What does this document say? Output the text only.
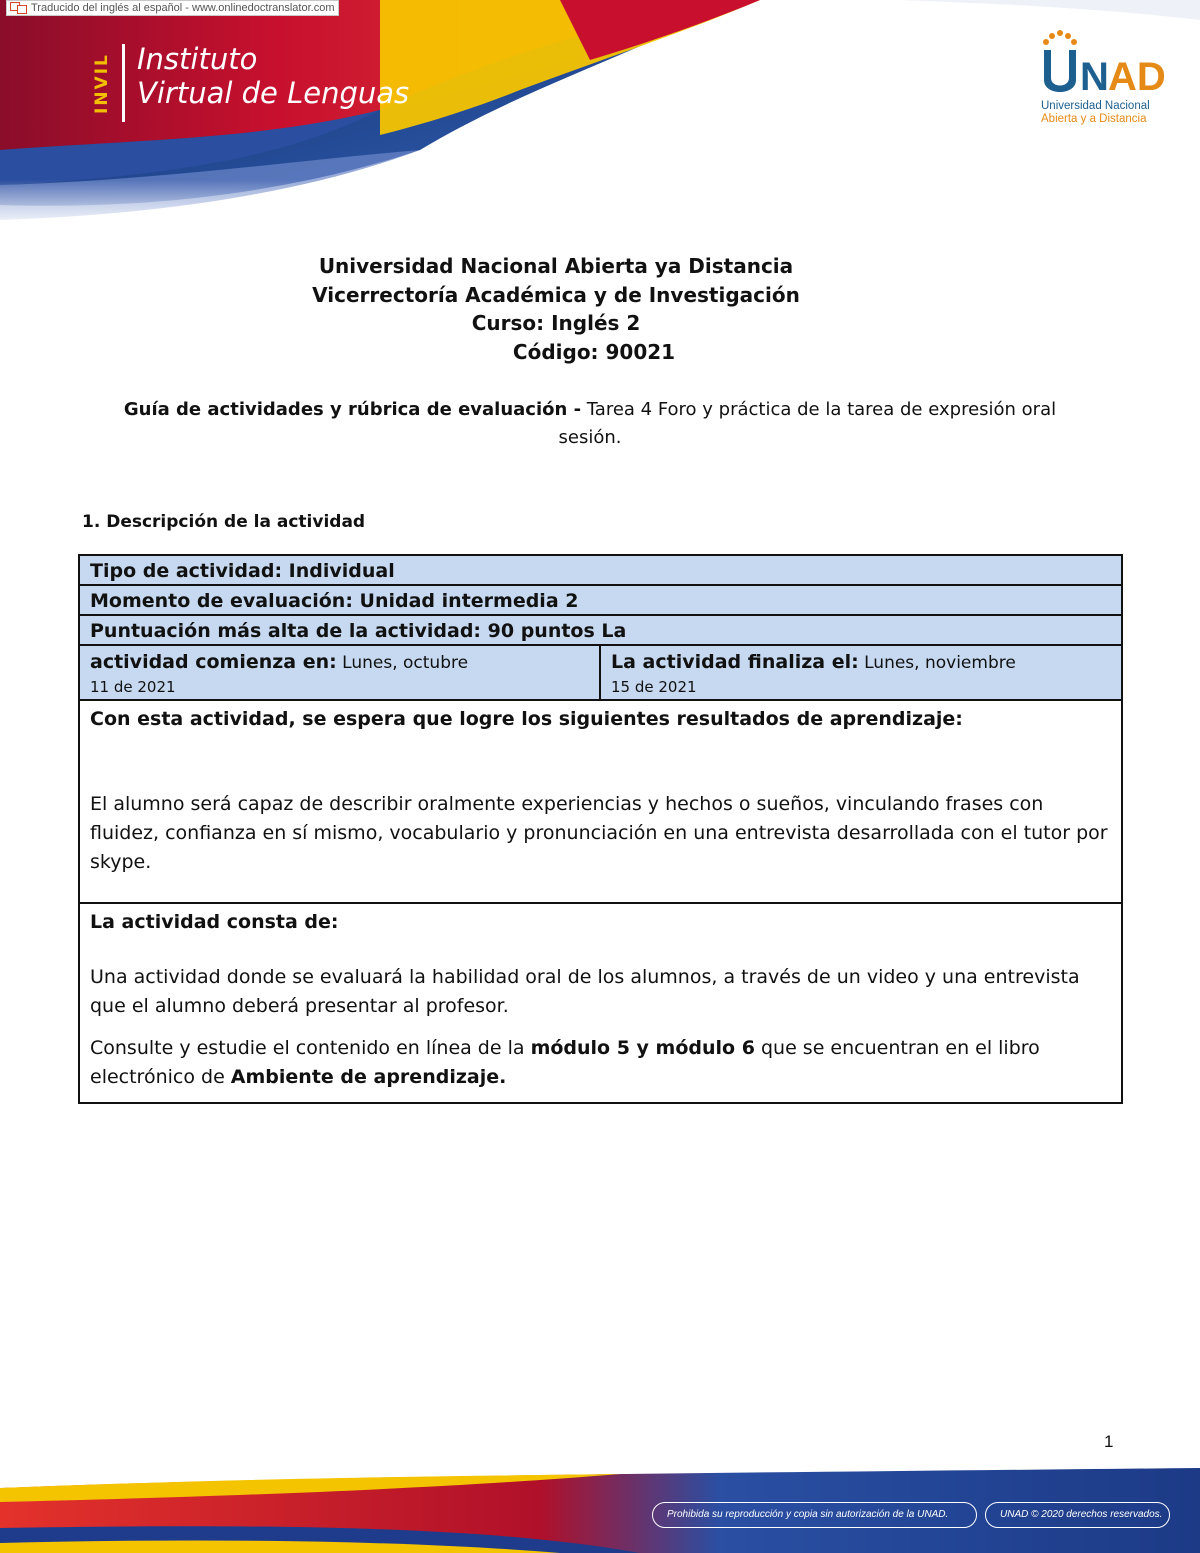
Traducido del inglés al español - www.onlinedoctranslator.com
INVIL Instituto
Virtual de Lenguas	N AD
Universidad Nacional
Abierta y a Distancia
Universidad Nacional Abierta ya Distancia
Vicerrectoría Académica y de Investigación
Curso: Inglés 2
Código: 90021
Guía de actividades y rúbrica de evaluación - Tarea 4 Foro y práctica de la tarea de expresión oral
sesión.
1. Descripción de la actividad
Tipo de actividad: Individual
Momento de evaluación: Unidad intermedia 2
Puntuación más alta de la actividad: 90 puntos La
actividad comienza en: Lunes, octubre
11 de 2021
La actividad finaliza el: Lunes, noviembre
15 de 2021
Con esta actividad, se espera que logre los siguientes resultados de aprendizaje:

El alumno será capaz de describir oralmente experiencias y hechos o sueños, vinculando frases con fluidez, confianza en sí mismo, vocabulario y pronunciación en una entrevista desarrollada con el tutor por skype.

La actividad consta de:

Una actividad donde se evaluará la habilidad oral de los alumnos, a través de un video y una entrevista que el alumno deberá presentar al profesor.

Consulte y estudie el contenido en línea de la módulo 5 y módulo 6 que se encuentran en el libro electrónico de Ambiente de aprendizaje.

1
Prohibida su reproducción y copia sin autorización de la UNAD.	UNAD © 2020 derechos reservados.
